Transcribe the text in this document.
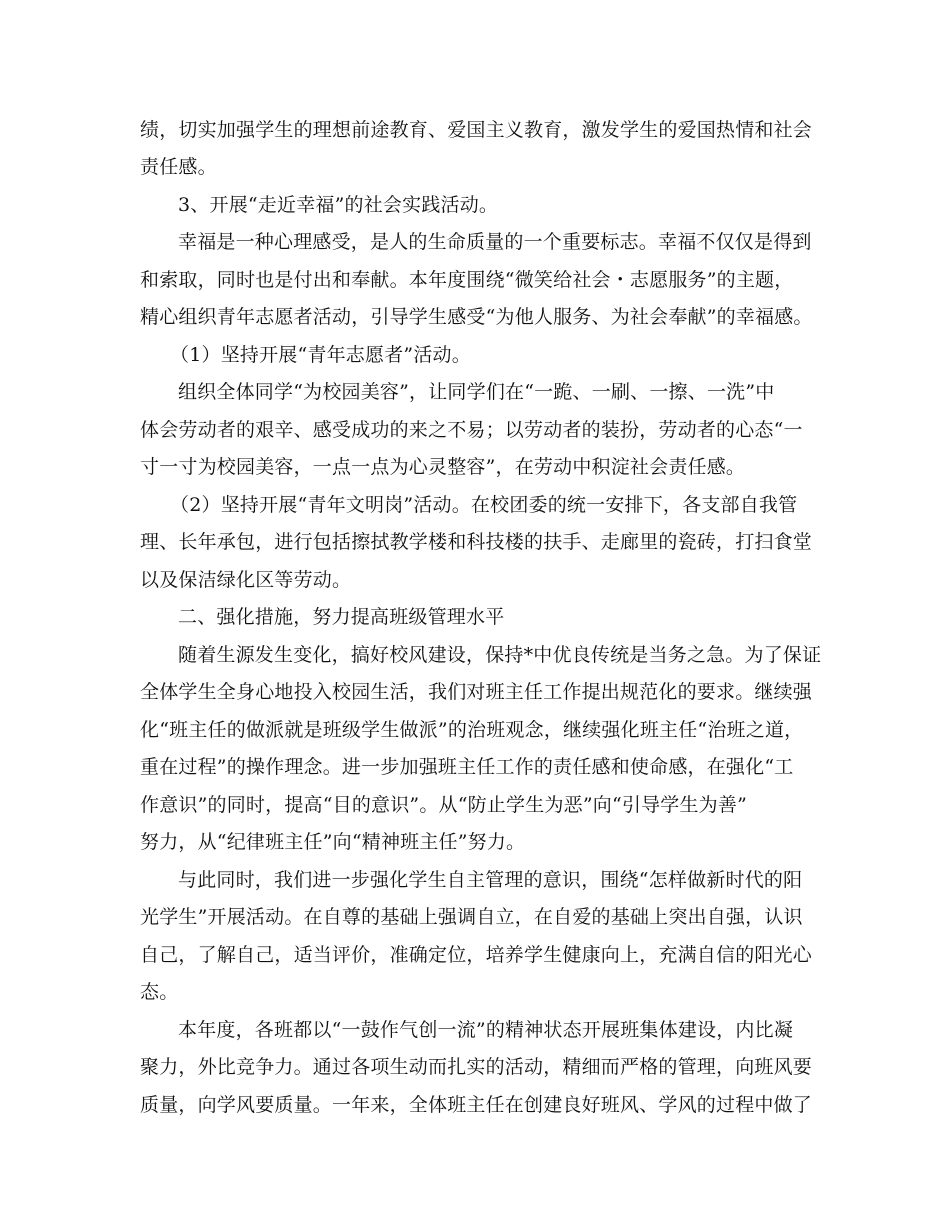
绩，切实加强学生的理想前途教育、爱国主义教育，激发学生的爱国热情和社会
责任感。
3、开展“走近幸福”的社会实践活动。
幸福是一种心理感受，是人的生命质量的一个重要标志。幸福不仅仅是得到
和索取，同时也是付出和奉献。本年度围绕“微笑给社会・志愿服务”的主题，
精心组织青年志愿者活动，引导学生感受“为他人服务、为社会奉献”的幸福感。
（1）坚持开展“青年志愿者”活动。
组织全体同学“为校园美容”，让同学们在“一跪、一刷、一擦、一洗”中
体会劳动者的艰辛、感受成功的来之不易；以劳动者的装扮，劳动者的心态“一
寸一寸为校园美容，一点一点为心灵整容”，在劳动中积淀社会责任感。
（2）坚持开展“青年文明岗”活动。在校团委的统一安排下，各支部自我管
理、长年承包，进行包括擦拭教学楼和科技楼的扶手、走廊里的瓷砖，打扫食堂
以及保洁绿化区等劳动。
二、强化措施，努力提高班级管理水平
随着生源发生变化，搞好校风建设，保持*中优良传统是当务之急。为了保证
全体学生全身心地投入校园生活，我们对班主任工作提出规范化的要求。继续强
化“班主任的做派就是班级学生做派”的治班观念，继续强化班主任“治班之道，
重在过程”的操作理念。进一步加强班主任工作的责任感和使命感，在强化“工
作意识”的同时，提高“目的意识”。从“防止学生为恶”向“引导学生为善”
努力，从“纪律班主任”向“精神班主任”努力。
与此同时，我们进一步强化学生自主管理的意识，围绕“怎样做新时代的阳
光学生”开展活动。在自尊的基础上强调自立，在自爱的基础上突出自强，认识
自己，了解自己，适当评价，准确定位，培养学生健康向上，充满自信的阳光心
态。
本年度，各班都以“一鼓作气创一流”的精神状态开展班集体建设，内比凝
聚力，外比竞争力。通过各项生动而扎实的活动，精细而严格的管理，向班风要
质量，向学风要质量。一年来，全体班主任在创建良好班风、学风的过程中做了
